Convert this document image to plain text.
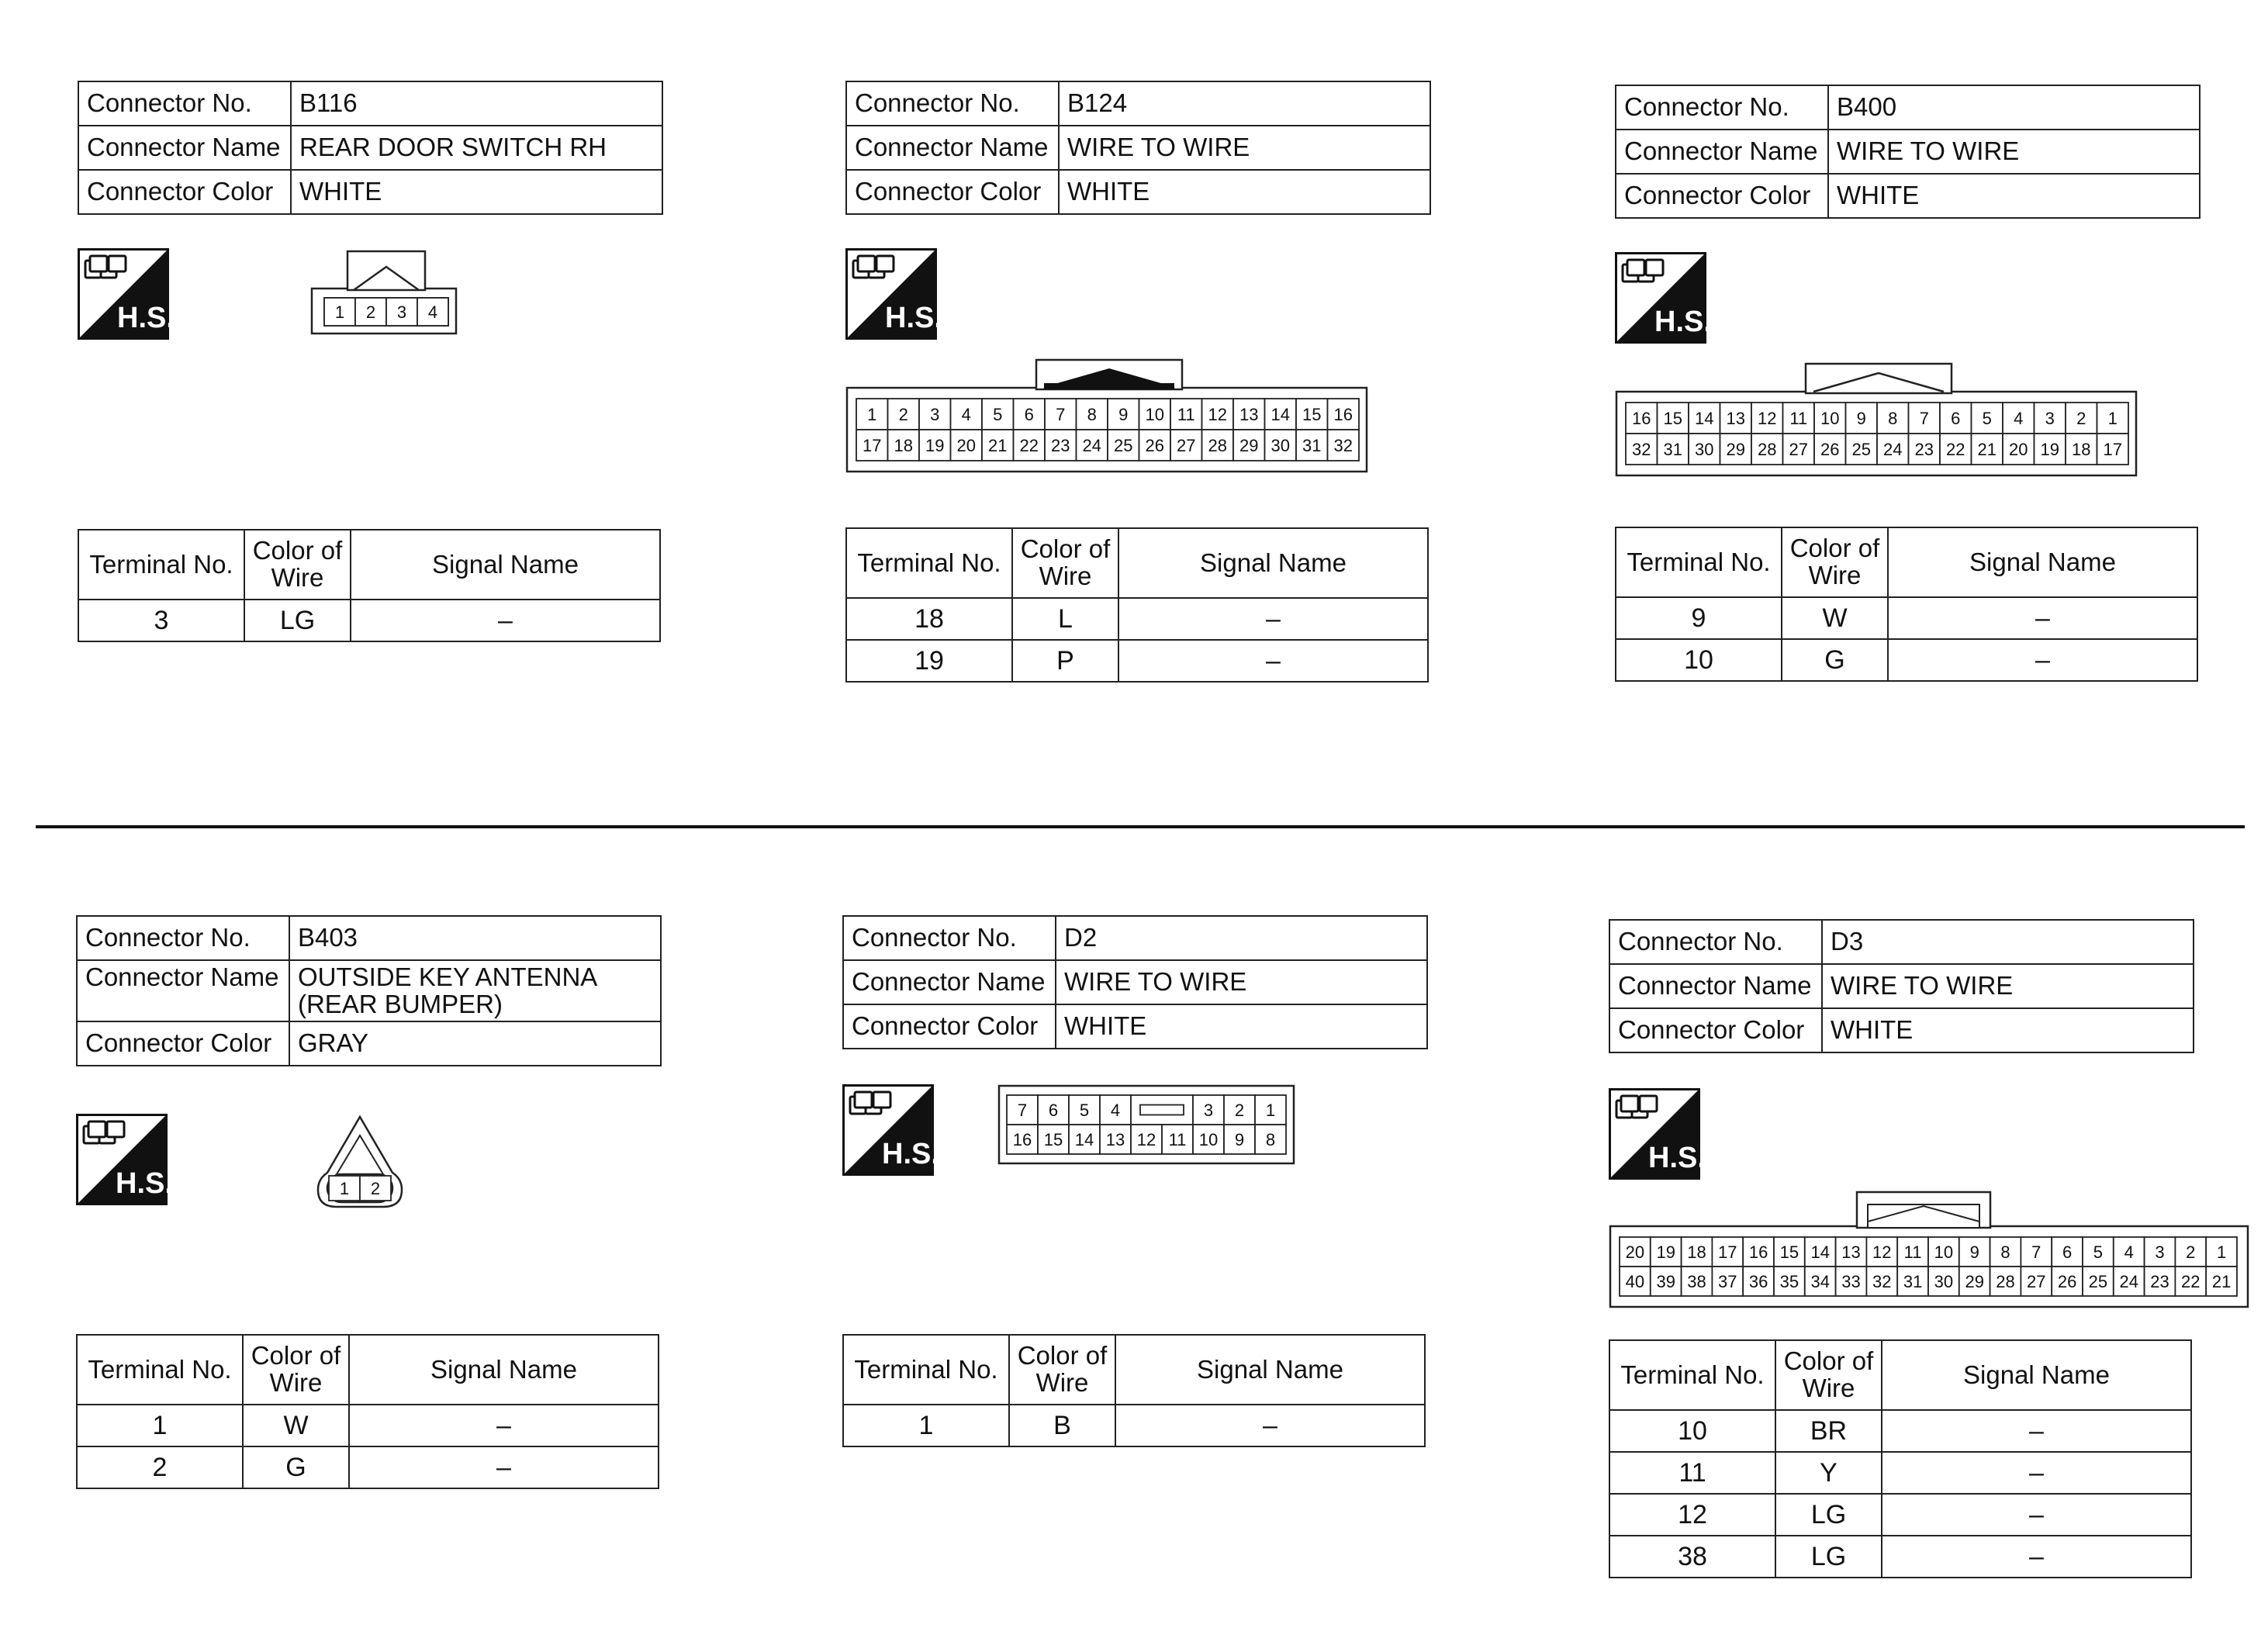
Connector No.	B116
Connector Name	REAR DOOR SWITCH RH
Connector Color	WHITE
1 2 3 4
Terminal No.	Color of Wire	Signal Name
3	LG	–
Connector No.	B124
Connector Name	WIRE TO WIRE
Connector Color	WHITE
1 2 3 4 5 6 7 8 9 10 11 12 13 14 15 16
17 18 19 20 21 22 23 24 25 26 27 28 29 30 31 32
Terminal No.	Color of Wire	Signal Name
18	L	–
19	P	–
Connector No.	B400
Connector Name	WIRE TO WIRE
Connector Color	WHITE
16 15 14 13 12 11 10 9 8 7 6 5 4 3 2 1
32 31 30 29 28 27 26 25 24 23 22 21 20 19 18 17
Terminal No.	Color of Wire	Signal Name
9	W	–
10	G	–
Connector No.	B403
Connector Name	OUTSIDE KEY ANTENNA (REAR BUMPER)
Connector Color	GRAY
1 2
Terminal No.	Color of Wire	Signal Name
1	W	–
2	G	–
Connector No.	D2
Connector Name	WIRE TO WIRE
Connector Color	WHITE
7 6 5 4	3 2 1
16 15 14 13 12 11 10 9 8
Terminal No.	Color of Wire	Signal Name
1	B	–
Connector No.	D3
Connector Name	WIRE TO WIRE
Connector Color	WHITE
20 19 18 17 16 15 14 13 12 11 10 9 8 7 6 5 4 3 2 1
40 39 38 37 36 35 34 33 32 31 30 29 28 27 26 25 24 23 22 21
Terminal No.	Color of Wire	Signal Name
10	BR	–
11	Y	–
12	LG	–
38	LG	–
